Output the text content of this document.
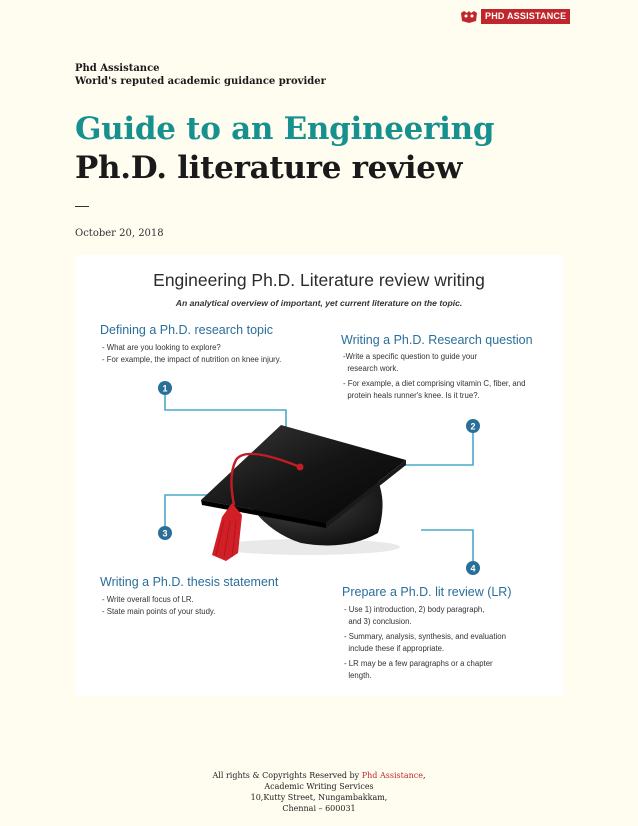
PHD ASSISTANCE
Phd Assistance
World's reputed academic guidance provider
Guide to an Engineering
Ph.D. literature review
October 20, 2018
Engineering Ph.D. Literature review writing
An analytical overview of important, yet current literature on the topic.
Defining a Ph.D. research topic
- What are you looking to explore?
- For example, the impact of nutrition on knee injury.
Writing a Ph.D. Research question
-Write a specific question to guide your
research work.
- For example, a diet comprising vitamin C, fiber, and
protein heals runner's knee. Is it true?.
1
2
3
4
Writing a Ph.D. thesis statement
- Write overall focus of LR.
- State main points of your study.
Prepare a Ph.D. lit review (LR)
- Use 1) introduction, 2) body paragraph,
and 3) conclusion.
- Summary, analysis, synthesis, and evaluation
include these if appropriate.
- LR may be a few paragraphs or a chapter
length.
All rights & Copyrights Reserved by Phd Assistance,
Academic Writing Services
10,Kutty Street, Nungambakkam,
Chennai – 600031
